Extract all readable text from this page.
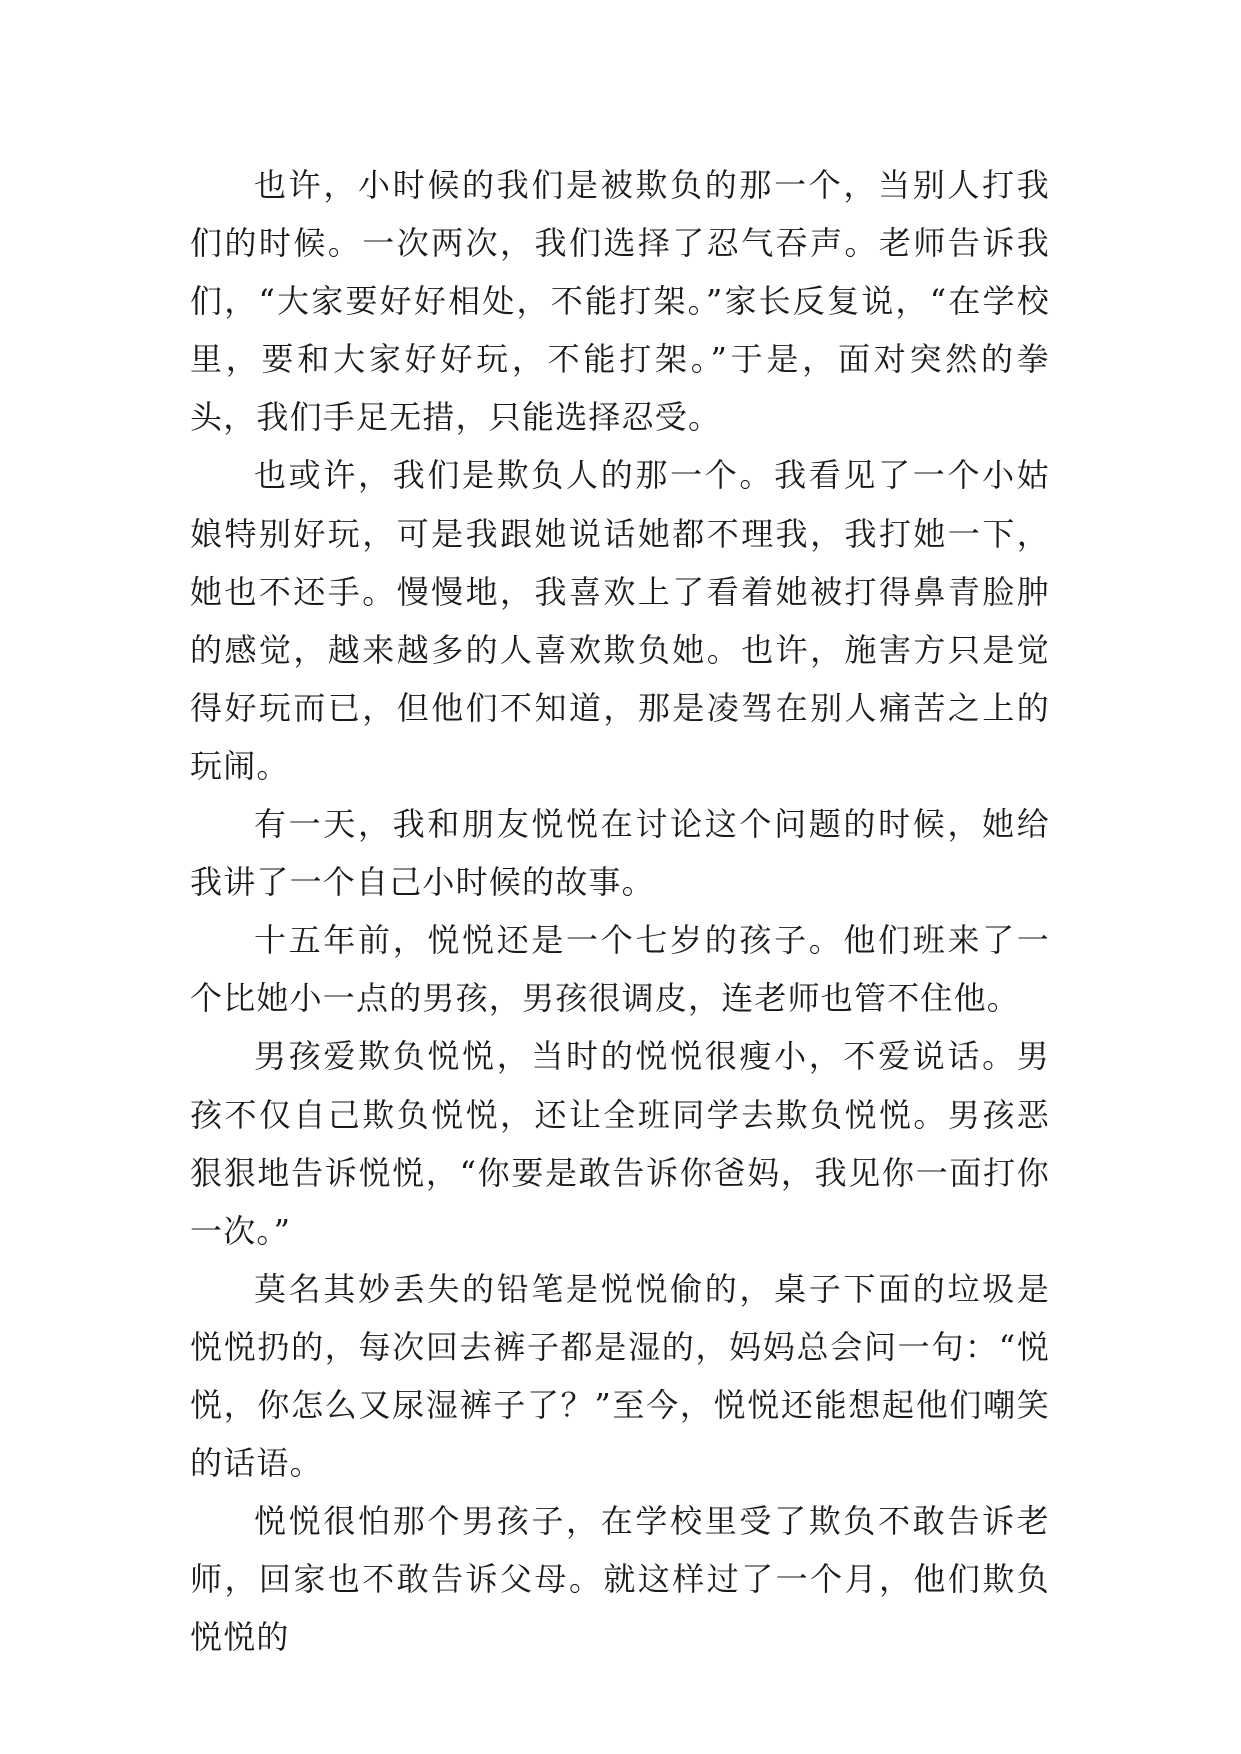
也许，小时候的我们是被欺负的那一个，当别人打我们的时候。一次两次，我们选择了忍气吞声。老师告诉我们，“大家要好好相处，不能打架。”家长反复说，“在学校里，要和大家好好玩，不能打架。”于是，面对突然的拳头，我们手足无措，只能选择忍受。

也或许，我们是欺负人的那一个。我看见了一个小姑娘特别好玩，可是我跟她说话她都不理我，我打她一下，她也不还手。慢慢地，我喜欢上了看着她被打得鼻青脸肿的感觉，越来越多的人喜欢欺负她。也许，施害方只是觉得好玩而已，但他们不知道，那是凌驾在别人痛苦之上的玩闹。

有一天，我和朋友悦悦在讨论这个问题的时候，她给我讲了一个自己小时候的故事。

十五年前，悦悦还是一个七岁的孩子。他们班来了一个比她小一点的男孩，男孩很调皮，连老师也管不住他。

男孩爱欺负悦悦，当时的悦悦很瘦小，不爱说话。男孩不仅自己欺负悦悦，还让全班同学去欺负悦悦。男孩恶狠狠地告诉悦悦，“你要是敢告诉你爸妈，我见你一面打你一次。”

莫名其妙丢失的铅笔是悦悦偷的，桌子下面的垃圾是悦悦扔的，每次回去裤子都是湿的，妈妈总会问一句：“悦悦，你怎么又尿湿裤子了？”至今，悦悦还能想起他们嘲笑的话语。

悦悦很怕那个男孩子，在学校里受了欺负不敢告诉老师，回家也不敢告诉父母。就这样过了一个月，他们欺负悦悦的
